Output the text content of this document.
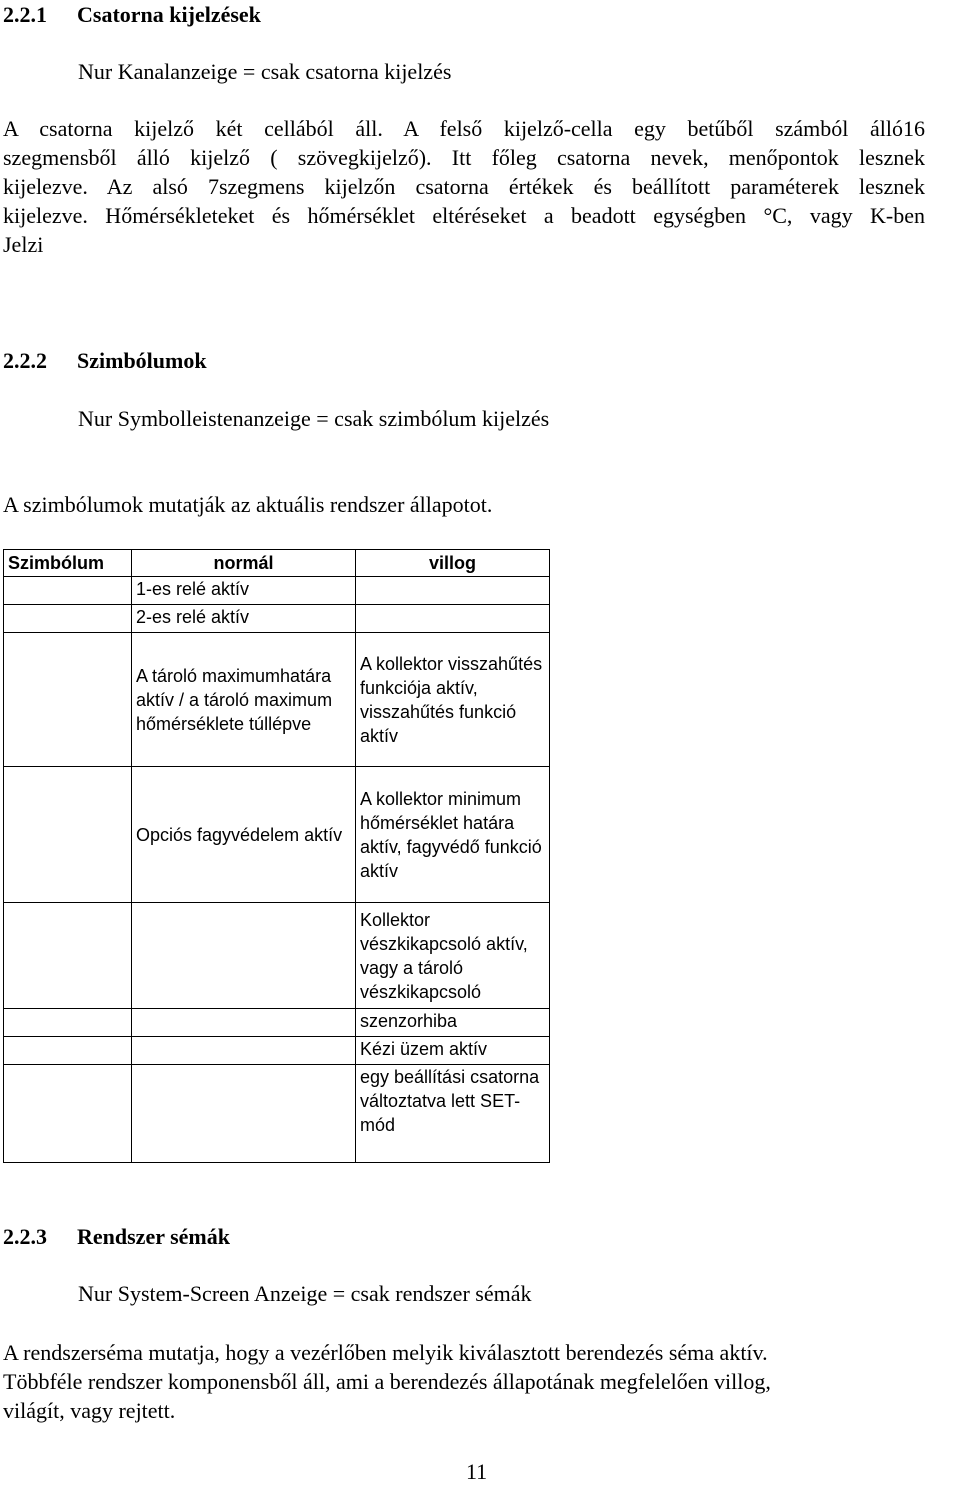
2.2.1 Csatorna kijelzések
Nur Kanalanzeige = csak csatorna kijelzés
A csatorna kijelző két cellából áll. A felső kijelző-cella egy betűből számból álló16
szegmensből álló kijelző ( szövegkijelző). Itt főleg csatorna nevek, menőpontok lesznek
kijelezve. Az alsó 7szegmens kijelzőn csatorna értékek és beállított paraméterek lesznek
kijelezve. Hőmérsékleteket és hőmérséklet eltéréseket a beadott egységben °C, vagy K-ben
Jelzi
2.2.2 Szimbólumok
Nur Symbolleistenanzeige = csak szimbólum kijelzés
A szimbólumok mutatják az aktuális rendszer állapotot.
Szimbólum	normál	villog
	1-es relé aktív	
	2-es relé aktív	
	A tároló maximumhatára aktív / a tároló maximum hőmérséklete túllépve	A kollektor visszahűtés funkciója aktív, visszahűtés funkció aktív
	Opciós fagyvédelem aktív	A kollektor minimum hőmérséklet határa aktív, fagyvédő funkció aktív
		Kollektor vészkikapcsoló aktív, vagy a tároló vészkikapcsoló
		szenzorhiba
		Kézi üzem aktív
		egy beállítási csatorna változtatva lett SET- mód
2.2.3 Rendszer sémák
Nur System-Screen Anzeige = csak rendszer sémák
A rendszerséma mutatja, hogy a vezérlőben melyik kiválasztott berendezés séma aktív.
Többféle rendszer komponensből áll, ami a berendezés állapotának megfelelően villog,
világít, vagy rejtett.
11
